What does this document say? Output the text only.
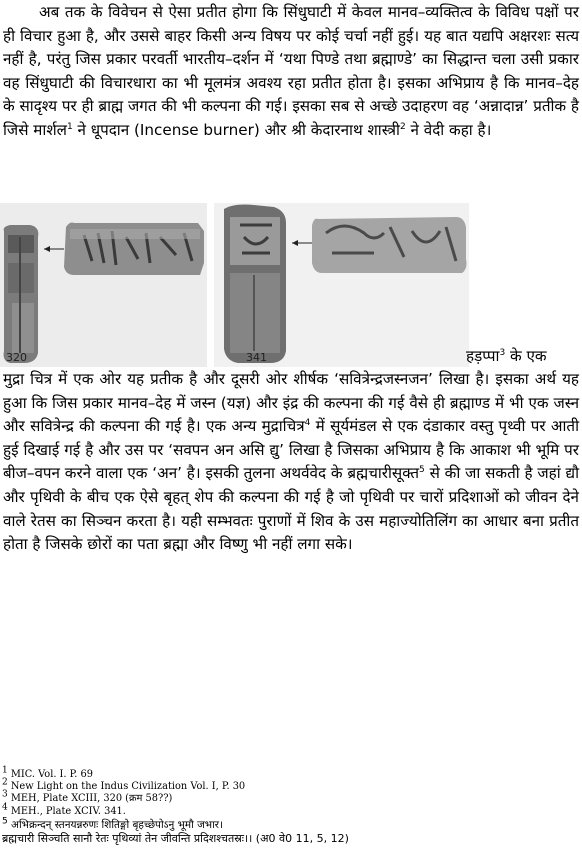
अब तक के विवेचन से ऐसा प्रतीत होगा कि सिंधुघाटी में केवल मानव–व्यक्तित्व के विविध पक्षों पर ही विचार हुआ है, और उससे बाहर किसी अन्य विषय पर कोई चर्चा नहीं हुई। यह बात यद्यपि अक्षरशः सत्य नहीं है, परंतु जिस प्रकार परवर्ती भारतीय–दर्शन में ‘यथा पिण्डे तथा ब्रह्माण्डे’ का सिद्धान्त चला उसी प्रकार वह सिंधुघाटी की विचारधारा का भी मूलमंत्र अवश्य रहा प्रतीत होता है। इसका अभिप्राय है कि मानव–देह के सादृश्य पर ही ब्राह्म जगत की भी कल्पना की गई। इसका सब से अच्छे उदाहरण वह ‘अन्नादान्न’ प्रतीक है जिसे मार्शल$^1$ ने धूपदान (Incense burner) और श्री केदारनाथ शास्त्री$^2$ ने वेदी कहा है।

320	341	हड़प्पा$^3$ के एक

मुद्रा चित्र में एक ओर यह प्रतीक है और दूसरी ओर शीर्षक ‘सवित्रेन्द्रजस्नजन’ लिखा है। इसका अर्थ यह हुआ कि जिस प्रकार मानव–देह में जस्न (यज्ञ) और इंद्र की कल्पना की गई वैसे ही ब्रह्माण्ड में भी एक जस्न और सवित्रेन्द्र की कल्पना की गई है। एक अन्य मुद्राचित्र$^4$ में सूर्यमंडल से एक दंडाकार वस्तु पृथ्वी पर आती हुई दिखाई गई है और उस पर ‘सवपन अन असि द्यु’ लिखा है जिसका अभिप्राय है कि आकाश भी भूमि पर बीज–वपन करने वाला एक ‘अन’ है। इसकी तुलना अथर्ववेद के ब्रह्मचारीसूक्त$^5$ से की जा सकती है जहां द्यौ और पृथिवी के बीच एक ऐसे बृहत् शेप की कल्पना की गई है जो पृथिवी पर चारों प्रदिशाओं को जीवन देने वाले रेतस का सिञ्चन करता है। यही सम्भवतः पुराणों में शिव के उस महाज्योतिलिंग का आधार बना प्रतीत होता है जिसके छोरों का पता ब्रह्मा और विष्णु भी नहीं लगा सके।

$^1$ MIC. Vol. I. P. 69

$^2$ New Light on the Indus Civilization Vol. I, P. 30

$^3$ MEH, Plate XCIII, 320 (क्रम 58??)

$^4$ MEH., Plate XCIV. 341.

$^5$ अभिक्रन्दन् स्तनयन्नरुणः शितिङ्गो बृहच्छेपोऽनु भूमौ जभार।

ब्रह्मचारी सिञ्चति सानौ रेतः पृथिव्यां तेन जीवन्ति प्रदिशश्चतस्रः।। (अ0 वे0 11, 5, 12)
